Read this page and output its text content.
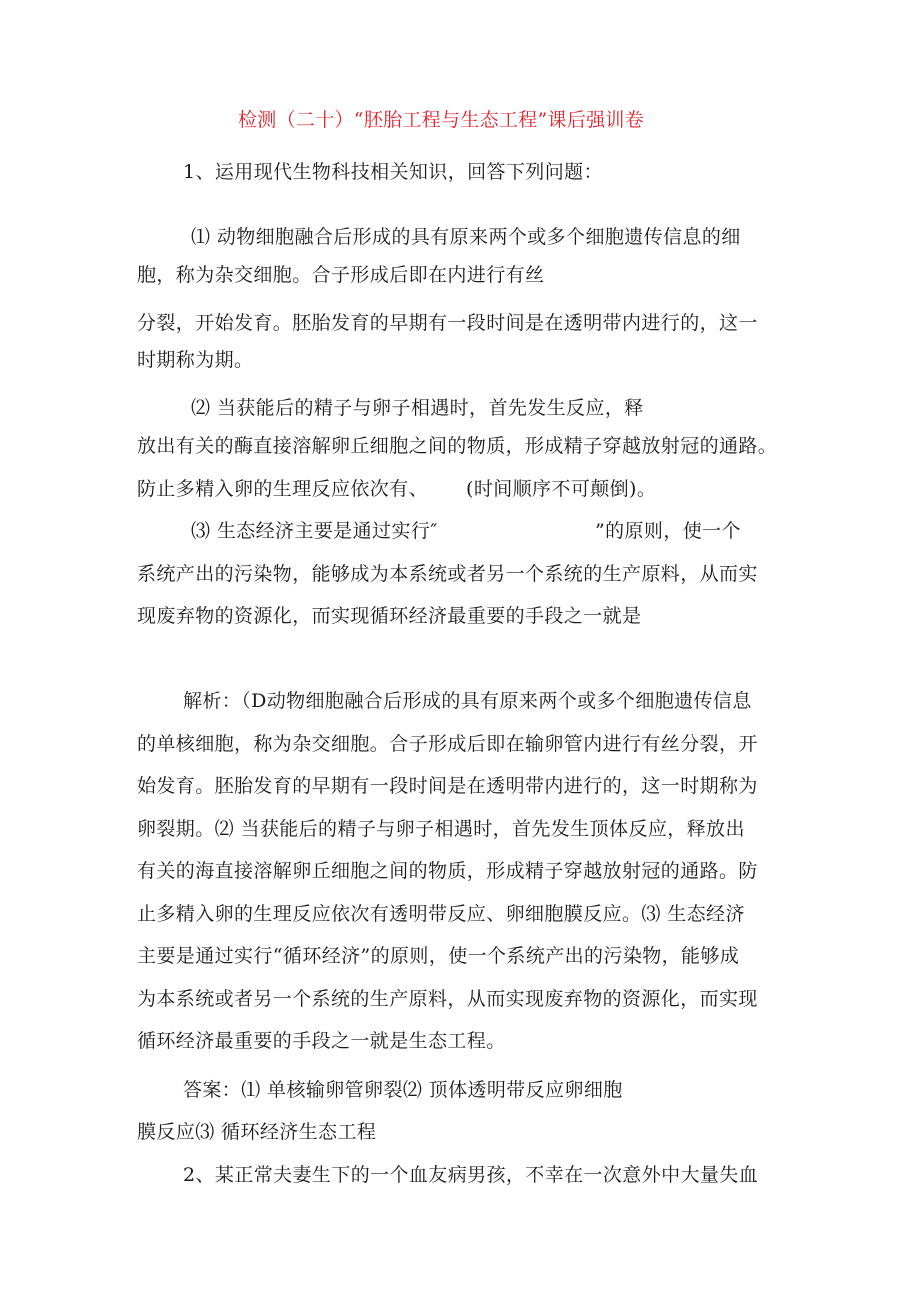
检测（二十）“胚胎工程与生态工程”课后强训卷
1、运用现代生物科技相关知识，回答下列问题：
⑴ 动物细胞融合后形成的具有原来两个或多个细胞遗传信息的细
胞，称为杂交细胞。合子形成后即在内进行有丝
分裂，开始发育。胚胎发育的早期有一段时间是在透明带内进行的，这一
时期称为期。
⑵ 当获能后的精子与卵子相遇时，首先发生反应，释
放出有关的酶直接溶解卵丘细胞之间的物质，形成精子穿越放射冠的通路。
防止多精入卵的生理反应依次有、 (时间顺序不可颠倒)。
⑶ 生态经济主要是通过实行″	”的原则，使一个
系统产出的污染物，能够成为本系统或者另一个系统的生产原料，从而实
现废弃物的资源化，而实现循环经济最重要的手段之一就是
解析：（D动物细胞融合后形成的具有原来两个或多个细胞遗传信息
的单核细胞，称为杂交细胞。合子形成后即在输卵管内进行有丝分裂，开
始发育。胚胎发育的早期有一段时间是在透明带内进行的，这一时期称为
卵裂期。⑵ 当获能后的精子与卵子相遇时，首先发生顶体反应，释放出
有关的海直接溶解卵丘细胞之间的物质，形成精子穿越放射冠的通路。防
止多精入卵的生理反应依次有透明带反应、卵细胞膜反应。⑶ 生态经济
主要是通过实行“循环经济”的原则，使一个系统产出的污染物，能够成
为本系统或者另一个系统的生产原料，从而实现废弃物的资源化，而实现
循环经济最重要的手段之一就是生态工程。
答案：⑴ 单核输卵管卵裂⑵ 顶体透明带反应卵细胞
膜反应⑶ 循环经济生态工程
2、某正常夫妻生下的一个血友病男孩，不幸在一次意外中大量失血
